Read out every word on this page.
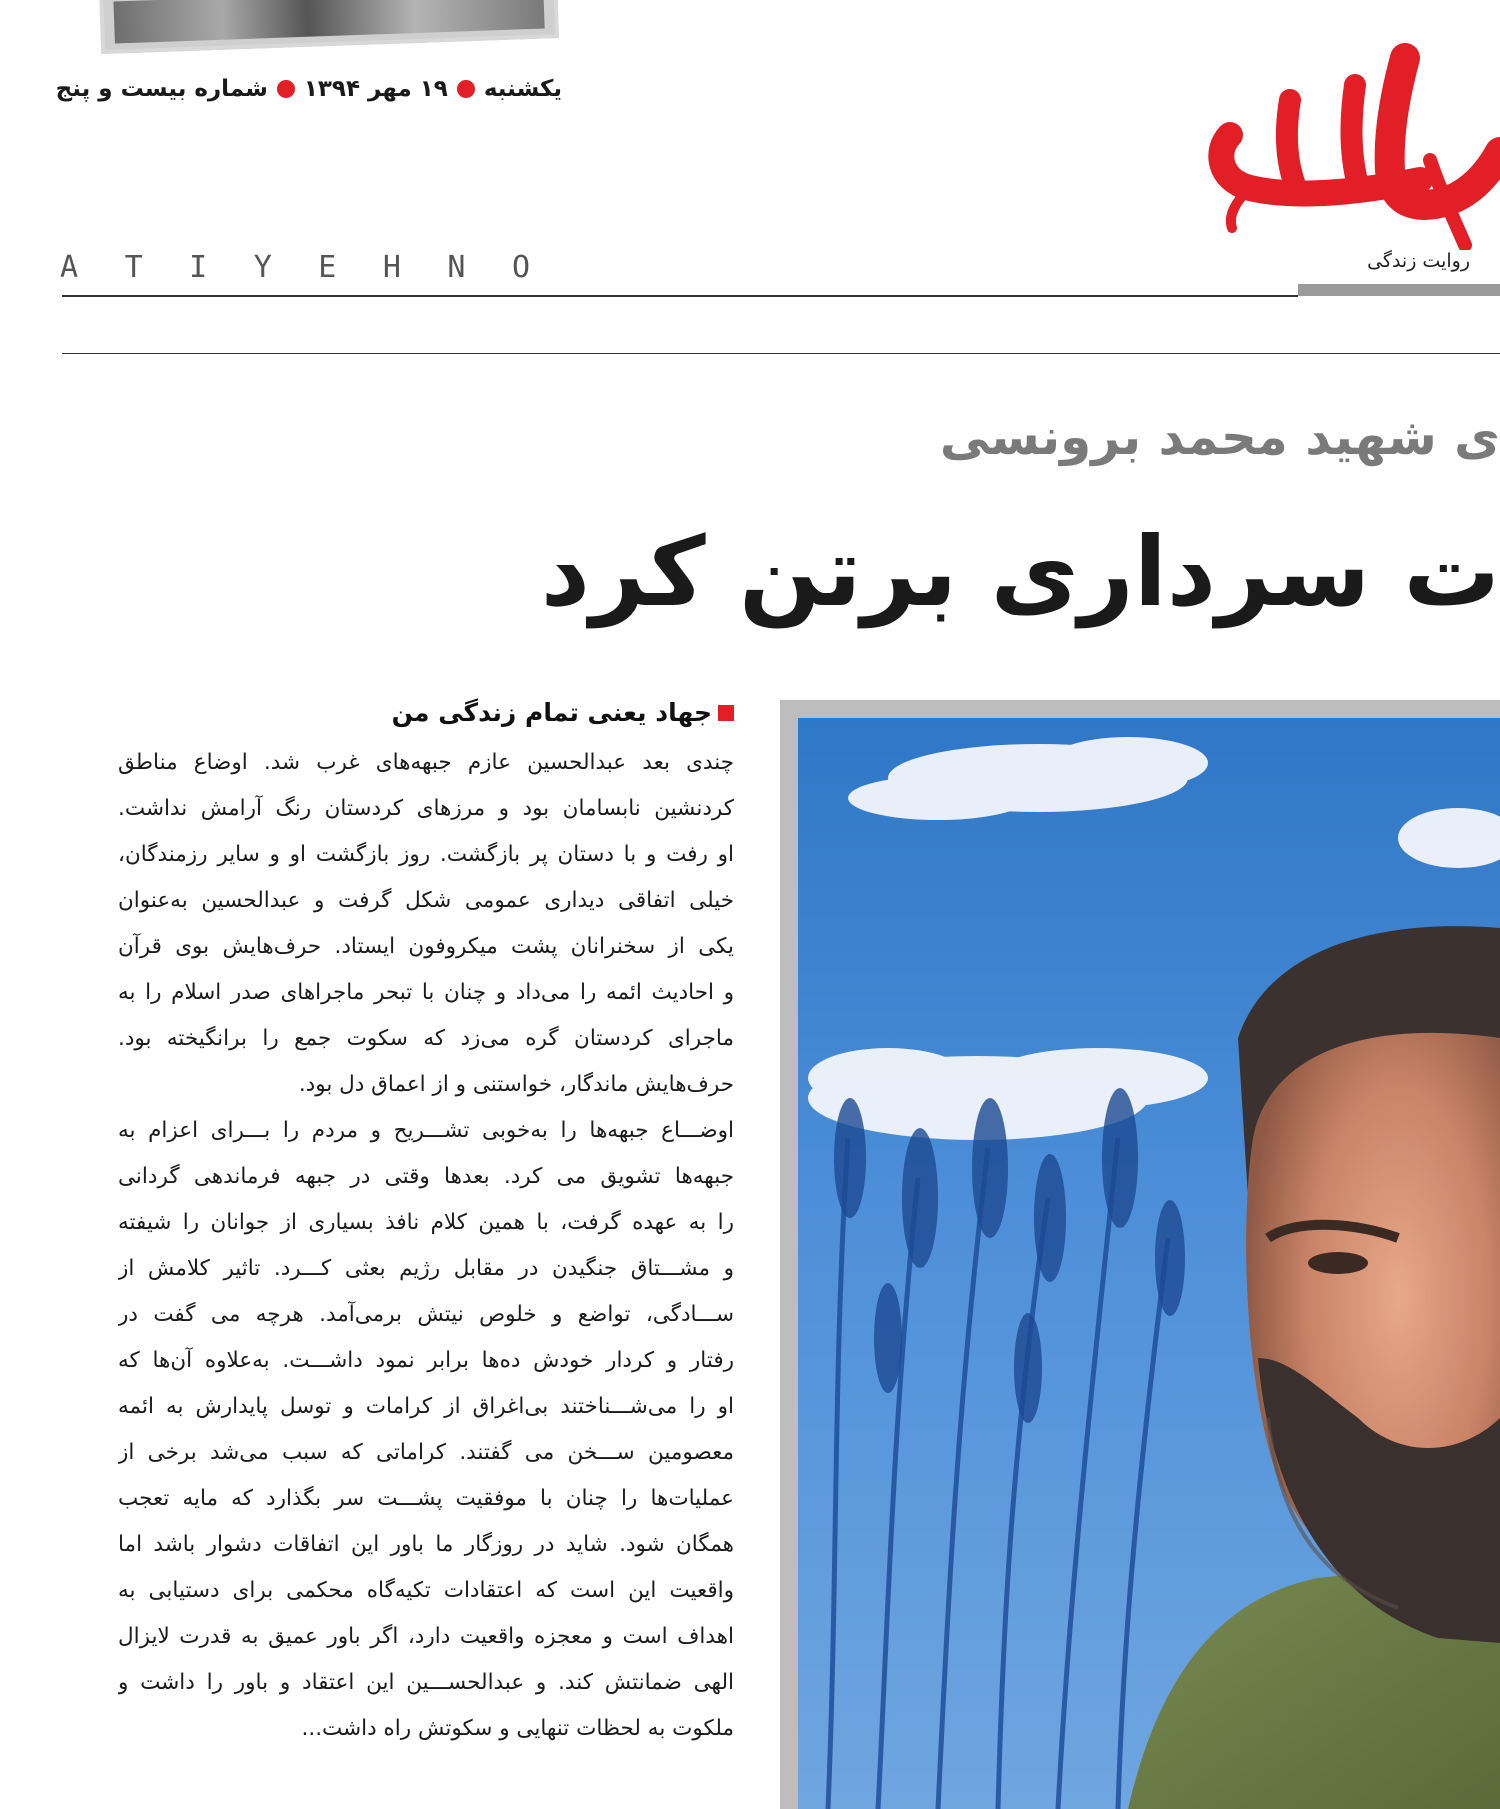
یکشنبه۱۹ مهر ۱۳۹۴شماره بیست و پنج
روایت زندگی
A T I Y E H N O
ی شهید محمد برونسی
ت سرداری برتن کرد
جهاد یعنی تمام زندگی من
چندی بعد عبدالحسین عازم جبهه‌های غرب شد. اوضاع مناطق
کردنشین نابسامان بود و مرزهای کردستان رنگ آرامش نداشت.
او رفت و با دستان پر بازگشت. روز بازگشت او و سایر رزمندگان،
خیلی اتفاقی دیداری عمومی شکل گرفت و عبدالحسین به‌عنوان
یکی از سخنرانان پشت میکروفون ایستاد. حرف‌هایش بوی قرآن
و احادیث ائمه را می‌داد و چنان با تبحر ماجراهای صدر اسلام را به
ماجرای کردستان گره می‌زد که سکوت جمع را برانگیخته بود.
حرف‌هایش ماندگار، خواستنی و از اعماق دل بود.
اوضـــاع جبهه‌ها را به‌خوبی تشـــریح و مردم را بـــرای اعزام به
جبهه‌ها تشویق می کرد. بعدها وقتی در جبهه فرماندهی گردانی
را به عهده گرفت، با همین کلام نافذ بسیاری از جوانان را شیفته
و مشـــتاق جنگیدن در مقابل رژیم بعثی کـــرد. تاثیر کلامش از
ســـادگی، تواضع و خلوص نیتش برمی‌آمد. هرچه می گفت در
رفتار و کردار خودش ده‌ها برابر نمود داشـــت. به‌علاوه آن‌ها که
او را می‌شـــناختند بی‌اغراق از کرامات و توسل پایدارش به ائمه
معصومین ســـخن می گفتند. کراماتی که سبب می‌شد برخی از
عملیات‌ها را چنان با موفقیت پشـــت سر بگذارد که مایه تعجب
همگان شود. شاید در روزگار ما باور این اتفاقات دشوار باشد اما
واقعیت این است که اعتقادات تکیه‌گاه محکمی برای دستیابی به
اهداف است و معجزه واقعیت دارد، اگر باور عمیق به قدرت لایزال
الهی ضمانتش کند. و عبدالحســـین این اعتقاد و باور را داشت و
ملکوت به لحظات تنهایی و سکوتش راه داشت...
